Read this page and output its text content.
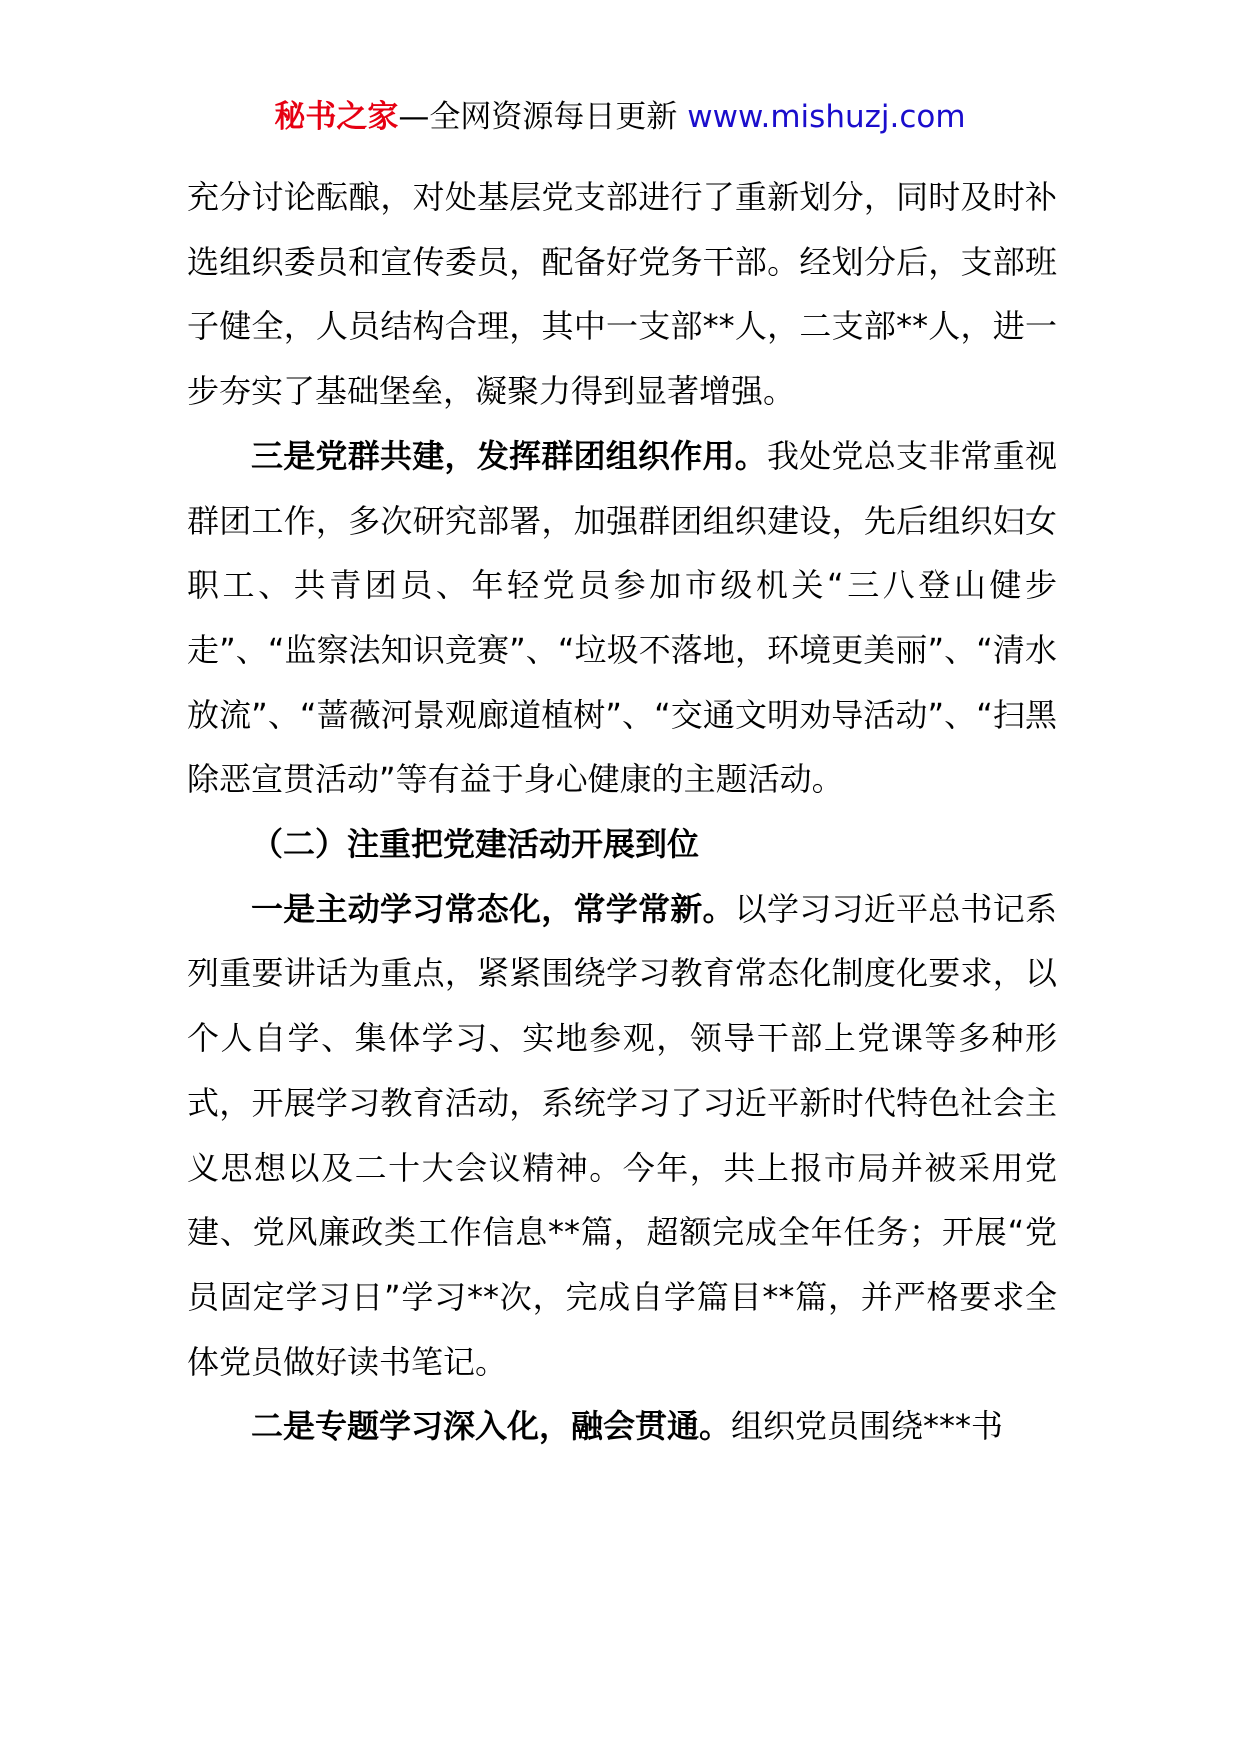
秘书之家—全网资源每日更新 www.mishuzj.com

充分讨论酝酿，对处基层党支部进行了重新划分，同时及时补选组织委员和宣传委员，配备好党务干部。经划分后，支部班子健全，人员结构合理，其中一支部**人，二支部**人，进一步夯实了基础堡垒，凝聚力得到显著增强。

三是党群共建，发挥群团组织作用。我处党总支非常重视群团工作，多次研究部署，加强群团组织建设，先后组织妇女职工、共青团员、年轻党员参加市级机关“三八登山健步走”、“监察法知识竞赛”、“垃圾不落地，环境更美丽”、“清水放流”、“蔷薇河景观廊道植树”、“交通文明劝导活动”、“扫黑除恶宣贯活动”等有益于身心健康的主题活动。

（二）注重把党建活动开展到位

一是主动学习常态化，常学常新。以学习习近平总书记系列重要讲话为重点，紧紧围绕学习教育常态化制度化要求，以个人自学、集体学习、实地参观，领导干部上党课等多种形式，开展学习教育活动，系统学习了习近平新时代特色社会主义思想以及二十大会议精神。今年，共上报市局并被采用党建、党风廉政类工作信息**篇，超额完成全年任务；开展“党员固定学习日”学习**次，完成自学篇目**篇，并严格要求全体党员做好读书笔记。

二是专题学习深入化，融会贯通。组织党员围绕***书
